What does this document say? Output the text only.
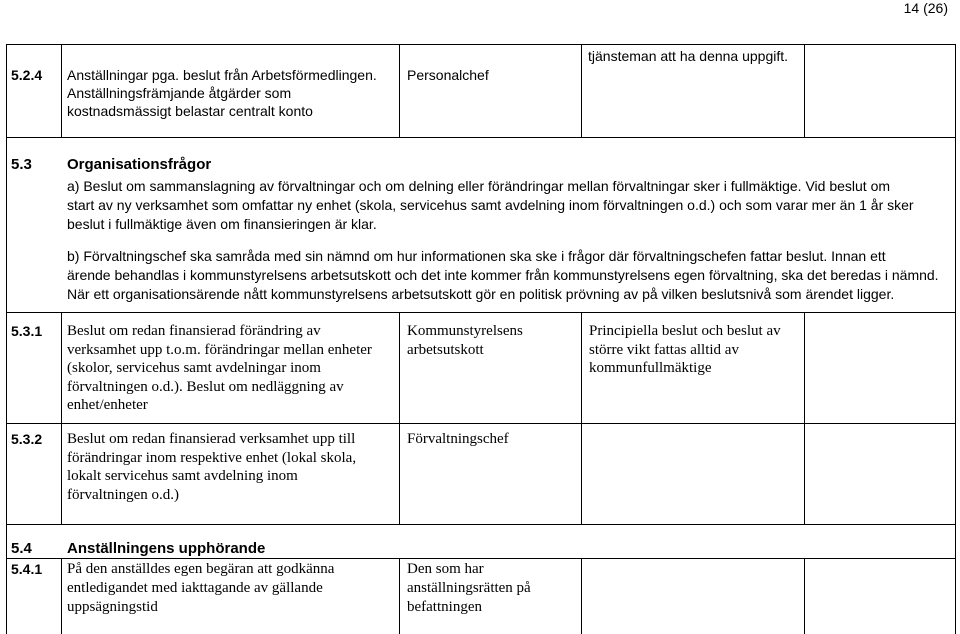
14 (26)
5.2.4 Anställningar pga. beslut från Arbetsförmedlingen.
Anställningsfrämjande åtgärder som
kostnadsmässigt belastar centralt konto
Personalchef
tjänsteman att ha denna uppgift.
5.3 Organisationsfrågor
a) Beslut om sammanslagning av förvaltningar och om delning eller förändringar mellan förvaltningar sker i fullmäktige. Vid beslut om
start av ny verksamhet som omfattar ny enhet (skola, servicehus samt avdelning inom förvaltningen o.d.) och som varar mer än 1 år sker
beslut i fullmäktige även om finansieringen är klar.
b) Förvaltningschef ska samråda med sin nämnd om hur informationen ska ske i frågor där förvaltningschefen fattar beslut. Innan ett
ärende behandlas i kommunstyrelsens arbetsutskott och det inte kommer från kommunstyrelsens egen förvaltning, ska det beredas i nämnd.
När ett organisationsärende nått kommunstyrelsens arbetsutskott gör en politisk prövning av på vilken beslutsnivå som ärendet ligger.
5.3.1 Beslut om redan finansierad förändring av
verksamhet upp t.o.m. förändringar mellan enheter
(skolor, servicehus samt avdelningar inom
förvaltningen o.d.). Beslut om nedläggning av
enhet/enheter
Kommunstyrelsens
arbetsutskott
Principiella beslut och beslut av
större vikt fattas alltid av
kommunfullmäktige
5.3.2 Beslut om redan finansierad verksamhet upp till
förändringar inom respektive enhet (lokal skola,
lokalt servicehus samt avdelning inom
förvaltningen o.d.)
Förvaltningschef
5.4 Anställningens upphörande
5.4.1 På den anställdes egen begäran att godkänna
entledigandet med iakttagande av gällande
uppsägningstid
Den som har
anställningsrätten på
befattningen
